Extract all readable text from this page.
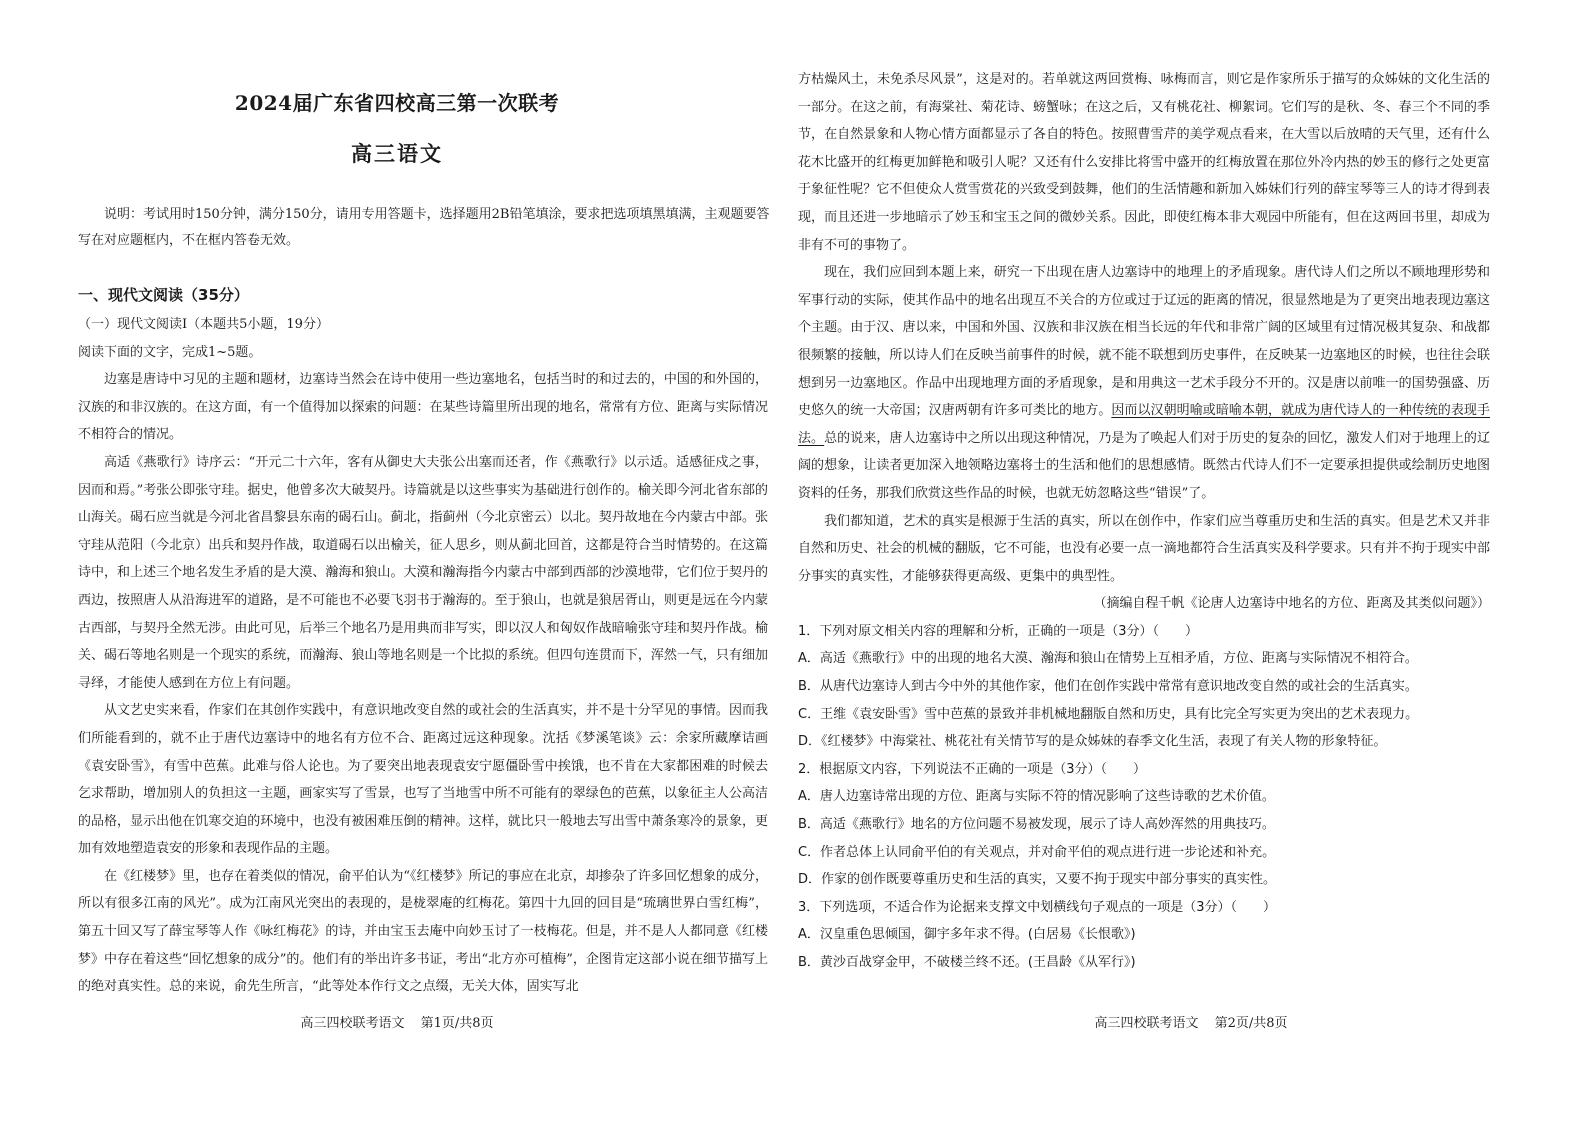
2024届广东省四校高三第一次联考
高三语文

说明：考试用时150分钟，满分150分，请用专用答题卡，选择题用2B铅笔填涂，要求把选项填黑填满，主观题要答写在对应题框内，不在框内答卷无效。

一、现代文阅读（35分）

（一）现代文阅读Ⅰ（本题共5小题，19分）

阅读下面的文字，完成1~5题。

边塞是唐诗中习见的主题和题材，边塞诗当然会在诗中使用一些边塞地名，包括当时的和过去的，中国的和外国的，汉族的和非汉族的。在这方面，有一个值得加以探索的问题：在某些诗篇里所出现的地名，常常有方位、距离与实际情况不相符合的情况。

高适《燕歌行》诗序云：“开元二十六年，客有从御史大夫张公出塞而还者，作《燕歌行》以示适。适感征戍之事，因而和焉。”考张公即张守珪。据史，他曾多次大破契丹。诗篇就是以这些事实为基础进行创作的。榆关即今河北省东部的山海关。碣石应当就是今河北省昌黎县东南的碣石山。蓟北，指蓟州（今北京密云）以北。契丹故地在今内蒙古中部。张守珪从范阳（今北京）出兵和契丹作战，取道碣石以出榆关，征人思乡，则从蓟北回首，这都是符合当时情势的。在这篇诗中，和上述三个地名发生矛盾的是大漠、瀚海和狼山。大漠和瀚海指今内蒙古中部到西部的沙漠地带，它们位于契丹的西边，按照唐人从沿海进军的道路，是不可能也不必要飞羽书于瀚海的。至于狼山，也就是狼居胥山，则更是远在今内蒙古西部，与契丹全然无涉。由此可见，后举三个地名乃是用典而非写实，即以汉人和匈奴作战暗喻张守珪和契丹作战。榆关、碣石等地名则是一个现实的系统，而瀚海、狼山等地名则是一个比拟的系统。但四句连贯而下，浑然一气，只有细加寻绎，才能使人感到在方位上有问题。

从文艺史实来看，作家们在其创作实践中，有意识地改变自然的或社会的生活真实，并不是十分罕见的事情。因而我们所能看到的，就不止于唐代边塞诗中的地名有方位不合、距离过远这种现象。沈括《梦溪笔谈》云：余家所藏摩诘画《袁安卧雪》，有雪中芭蕉。此难与俗人论也。为了要突出地表现袁安宁愿僵卧雪中挨饿，也不肯在大家都困难的时候去乞求帮助，增加别人的负担这一主题，画家实写了雪景，也写了当地雪中所不可能有的翠绿色的芭蕉，以象征主人公高洁的品格，显示出他在饥寒交迫的环境中，也没有被困难压倒的精神。这样，就比只一般地去写出雪中萧条寒冷的景象，更加有效地塑造袁安的形象和表现作品的主题。

在《红楼梦》里，也存在着类似的情况，俞平伯认为“《红楼梦》所记的事应在北京，却掺杂了许多回忆想象的成分，所以有很多江南的风光”。成为江南风光突出的表现的，是栊翠庵的红梅花。第四十九回的回目是“琉璃世界白雪红梅”，第五十回又写了薛宝琴等人作《咏红梅花》的诗，并由宝玉去庵中向妙玉讨了一枝梅花。但是，并不是人人都同意《红楼梦》中存在着这些“回忆想象的成分”的。他们有的举出许多书证，考出“北方亦可植梅”，企图肯定这部小说在细节描写上的绝对真实性。总的来说，俞先生所言，“此等处本作行文之点缀，无关大体，固实写北

高三四校联考语文 第1页/共8页

方枯燥风土，未免杀尽风景”，这是对的。若单就这两回赏梅、咏梅而言，则它是作家所乐于描写的众姊妹的文化生活的一部分。在这之前，有海棠社、菊花诗、螃蟹咏；在这之后，又有桃花社、柳絮词。它们写的是秋、冬、春三个不同的季节，在自然景象和人物心情方面都显示了各自的特色。按照曹雪芹的美学观点看来，在大雪以后放晴的天气里，还有什么花木比盛开的红梅更加鲜艳和吸引人呢？又还有什么安排比将雪中盛开的红梅放置在那位外冷内热的妙玉的修行之处更富于象征性呢？它不但使众人赏雪赏花的兴致受到鼓舞，他们的生活情趣和新加入姊妹们行列的薛宝琴等三人的诗才得到表现，而且还进一步地暗示了妙玉和宝玉之间的微妙关系。因此，即使红梅本非大观园中所能有，但在这两回书里，却成为非有不可的事物了。

现在，我们应回到本题上来，研究一下出现在唐人边塞诗中的地理上的矛盾现象。唐代诗人们之所以不顾地理形势和军事行动的实际，使其作品中的地名出现互不关合的方位或过于辽远的距离的情况，很显然地是为了更突出地表现边塞这个主题。由于汉、唐以来，中国和外国、汉族和非汉族在相当长远的年代和非常广阔的区域里有过情况极其复杂、和战都很频繁的接触，所以诗人们在反映当前事件的时候，就不能不联想到历史事件，在反映某一边塞地区的时候，也往往会联想到另一边塞地区。作品中出现地理方面的矛盾现象，是和用典这一艺术手段分不开的。汉是唐以前唯一的国势强盛、历史悠久的统一大帝国；汉唐两朝有许多可类比的地方。因而以汉朝明喻或暗喻本朝，就成为唐代诗人的一种传统的表现手法。总的说来，唐人边塞诗中之所以出现这种情况，乃是为了唤起人们对于历史的复杂的回忆，激发人们对于地理上的辽阔的想象，让读者更加深入地领略边塞将士的生活和他们的思想感情。既然古代诗人们不一定要承担提供或绘制历史地图资料的任务，那我们欣赏这些作品的时候，也就无妨忽略这些“错误”了。

我们都知道，艺术的真实是根源于生活的真实，所以在创作中，作家们应当尊重历史和生活的真实。但是艺术又并非自然和历史、社会的机械的翻版，它不可能，也没有必要一点一滴地都符合生活真实及科学要求。只有并不拘于现实中部分事实的真实性，才能够获得更高级、更集中的典型性。

（摘编自程千帆《论唐人边塞诗中地名的方位、距离及其类似问题》）

1．下列对原文相关内容的理解和分析，正确的一项是（3分）（　　）

A．高适《燕歌行》中的出现的地名大漠、瀚海和狼山在情势上互相矛盾，方位、距离与实际情况不相符合。

B．从唐代边塞诗人到古今中外的其他作家，他们在创作实践中常常有意识地改变自然的或社会的生活真实。

C．王维《袁安卧雪》雪中芭蕉的景致并非机械地翻版自然和历史，具有比完全写实更为突出的艺术表现力。

D．《红楼梦》中海棠社、桃花社有关情节写的是众姊妹的春季文化生活，表现了有关人物的形象特征。

2．根据原文内容，下列说法不正确的一项是（3分）（　　）

A．唐人边塞诗常出现的方位、距离与实际不符的情况影响了这些诗歌的艺术价值。

B．高适《燕歌行》地名的方位问题不易被发现，展示了诗人高妙浑然的用典技巧。

C．作者总体上认同俞平伯的有关观点，并对俞平伯的观点进行进一步论述和补充。

D．作家的创作既要尊重历史和生活的真实，又要不拘于现实中部分事实的真实性。

3．下列选项，不适合作为论据来支撑文中划横线句子观点的一项是（3分）（　　）

A．汉皇重色思倾国，御宇多年求不得。(白居易《长恨歌》)

B．黄沙百战穿金甲，不破楼兰终不还。(王昌龄《从军行》)

高三四校联考语文 第2页/共8页
